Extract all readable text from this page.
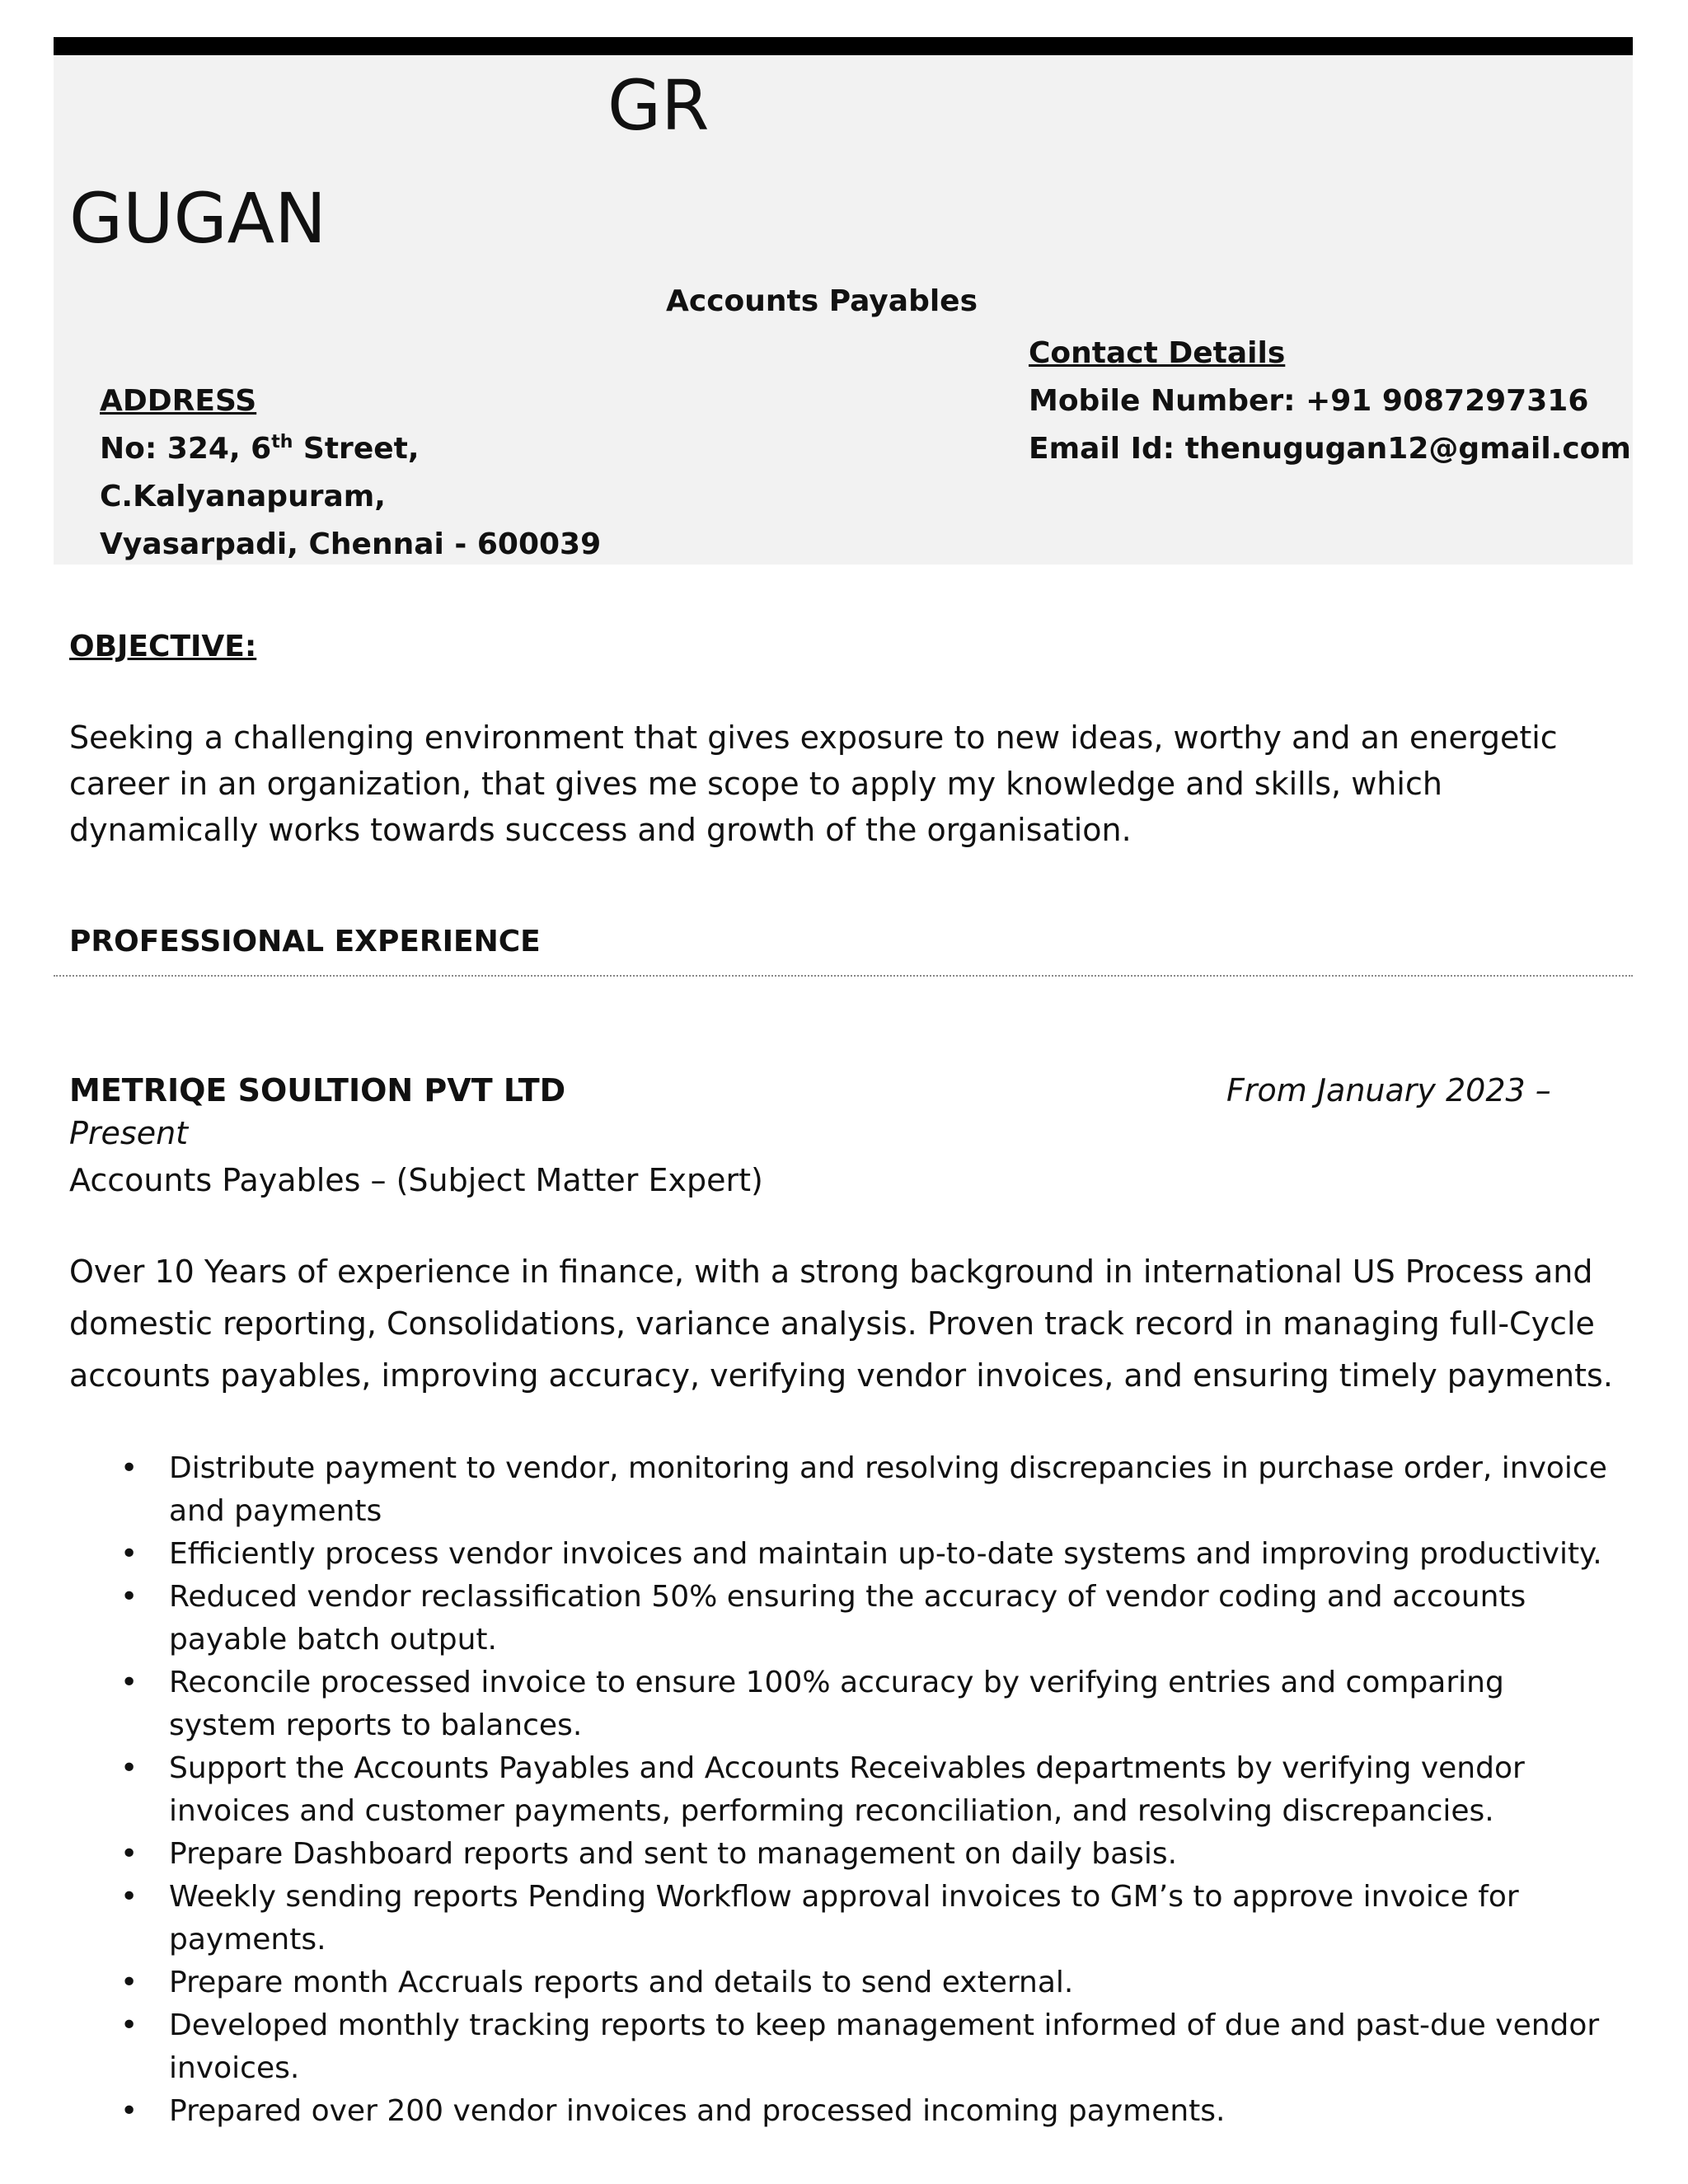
GR
GUGAN
Accounts Payables
ADDRESS
No: 324, 6th Street,
C.Kalyanapuram,
Vyasarpadi, Chennai - 600039
Contact Details
Mobile Number: +91 9087297316
Email Id: thenugugan12@gmail.com
OBJECTIVE:

Seeking a challenging environment that gives exposure to new ideas, worthy and an energetic career in an organization, that gives me scope to apply my knowledge and skills, which dynamically works towards success and growth of the organisation.

PROFESSIONAL EXPERIENCE
METRIQE SOULTION PVT LTD	From January 2023 –
Present
Accounts Payables – (Subject Matter Expert)

Over 10 Years of experience in finance, with a strong background in international US Process and domestic reporting, Consolidations, variance analysis. Proven track record in managing full-Cycle accounts payables, improving accuracy, verifying vendor invoices, and ensuring timely payments.

• Distribute payment to vendor, monitoring and resolving discrepancies in purchase order, invoice and payments
• Efficiently process vendor invoices and maintain up-to-date systems and improving productivity.
• Reduced vendor reclassification 50% ensuring the accuracy of vendor coding and accounts payable batch output.
• Reconcile processed invoice to ensure 100% accuracy by verifying entries and comparing system reports to balances.
• Support the Accounts Payables and Accounts Receivables departments by verifying vendor invoices and customer payments, performing reconciliation, and resolving discrepancies.
• Prepare Dashboard reports and sent to management on daily basis.
• Weekly sending reports Pending Workflow approval invoices to GM’s to approve invoice for payments.
• Prepare month Accruals reports and details to send external.
• Developed monthly tracking reports to keep management informed of due and past-due vendor invoices.
• Prepared over 200 vendor invoices and processed incoming payments.
